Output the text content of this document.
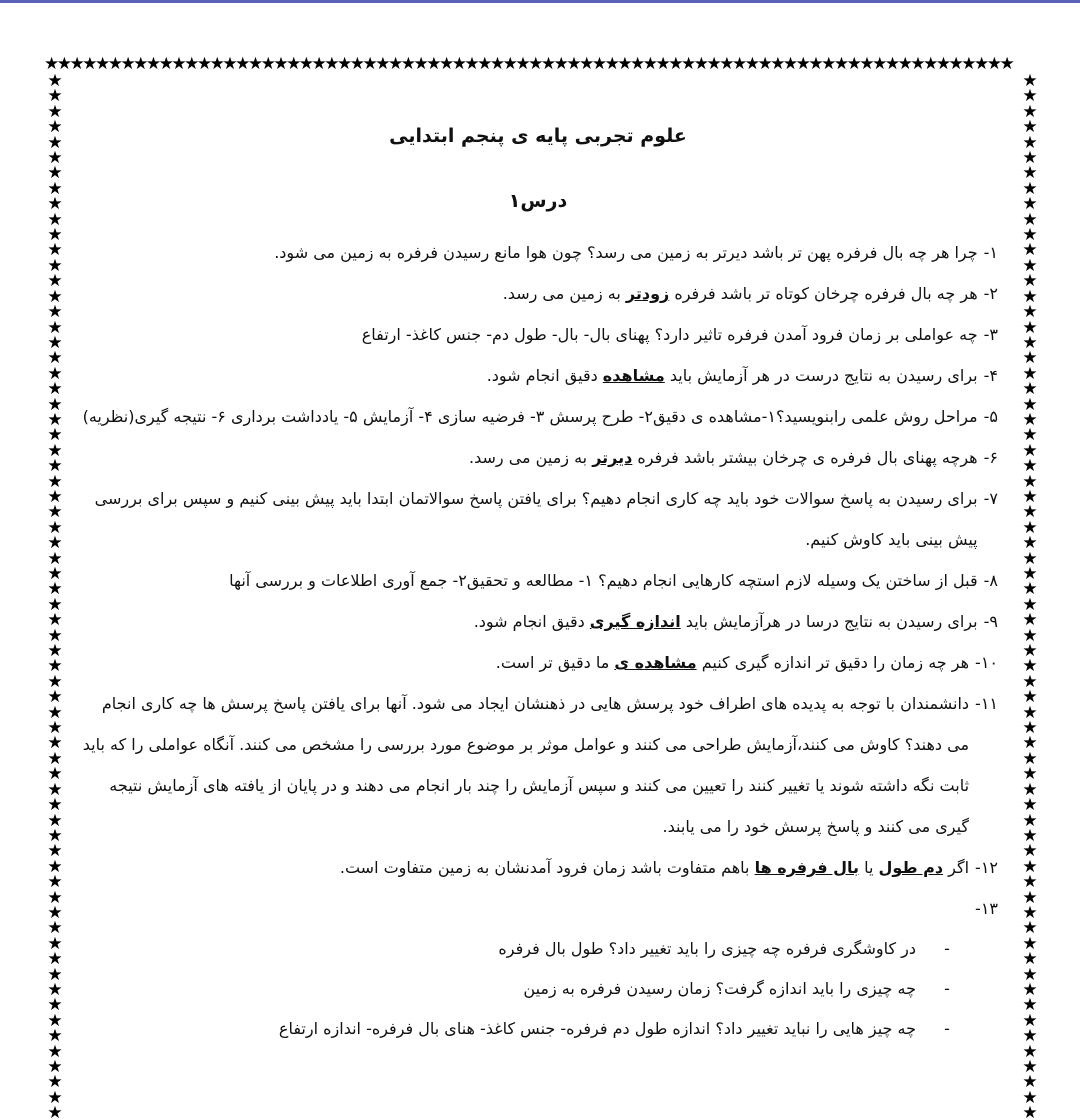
★★★★★★★★★★★★★★★★★★★★★★★★★★★★★★★★★★★★★★★★★★★★★★★★★★★★★★★★★★★★★★★★★★★★★★★★★★★★
★
★
★
★
★
★
★
★
★
★
★
★
★
★
★
★
★
★
★
★
★
★
★
★
★
★
★
★
★
★
★
★
★
★
★
★
★
★
★
★
★
★
★
★
★
★
★
★
★
★
★
★
★
★
★
★
★
★
★
★
★
★
★
★
★
★
★
★
★
★
★
★
★
★
★
★
★
★
★
★
★
★
★
★
★
★
★
★
★
★
★
★
★
★
★
★
★
★
★
★
★
★
★
★
★
★
★
★
★
★
★
★
★
★
★
★
★
★
★
★
★
★
★
★
★
★
★
★
★
★
★
★
★
★
★
★
علوم تجربی پایه ی پنجم ابتدایی
درس۱
۱-
چرا هر چه بال فرفره پهن تر باشد دیرتر به زمین می رسد؟ چون هوا مانع رسیدن فرفره به زمین می شود.
۲-
هر چه بال فرفره چرخان کوتاه تر باشد فرفره زودتر به زمین می رسد.
۳-
چه عواملی بر زمان فرود آمدن فرفره تاثیر دارد؟ پهنای بال- بال- طول دم- جنس کاغذ- ارتفاع
۴-
برای رسیدن به نتایج درست در هر آزمایش باید مشاهده دقیق انجام شود.
۵-
مراحل روش علمی رابنویسید؟۱-مشاهده ی دقیق۲- طرح پرسش ۳- فرضیه سازی ۴- آزمایش ۵- یادداشت برداری ۶- نتیجه گیری(نظریه)
۶-
هرچه پهنای بال فرفره ی چرخان بیشتر باشد فرفره دیرتر به زمین می رسد.
۷-
برای رسیدن به پاسخ سوالات خود باید چه کاری انجام دهیم؟ برای یافتن پاسخ سوالاتمان ابتدا باید پیش بینی کنیم و سپس برای بررسی پیش بینی باید کاوش کنیم.
۸-
قبل از ساختن یک وسیله لازم استچه کارهایی انجام دهیم؟ ۱- مطالعه و تحقیق۲- جمع آوری اطلاعات و بررسی آنها
۹-
برای رسیدن به نتایج درسا در هرآزمایش باید اندازه گیری دقیق انجام شود.
۱۰-
هر چه زمان را دقیق تر اندازه گیری کنیم مشاهده ی ما دقیق تر است.
۱۱-
دانشمندان با توجه به پدیده های اطراف خود پرسش هایی در ذهنشان ایجاد می شود. آنها برای یافتن پاسخ پرسش ها چه کاری انجام می دهند؟ کاوش می کنند،آزمایش طراحی می کنند و عوامل موثر بر موضوع مورد بررسی را مشخص می کنند. آنگاه عواملی را که باید ثابت نگه داشته شوند یا تغییر کنند را تعیین می کنند و سپس آزمایش را چند بار انجام می دهند و در پایان از یافته های آزمایش نتیجه گیری می کنند و پاسخ پرسش خود را می یابند.
۱۲-
اگر دم طول یا بال فرفره ها باهم متفاوت باشد زمان فرود آمدنشان به زمین متفاوت است.
۱۳-
-
در کاوشگری فرفره چه چیزی را باید تغییر داد؟ طول بال فرفره
-
چه چیزی را باید اندازه گرفت؟ زمان رسیدن فرفره به زمین
-
چه چیز هایی را نباید تغییر داد؟ اندازه طول دم فرفره- جنس کاغذ- هنای بال فرفره- اندازه ارتفاع
